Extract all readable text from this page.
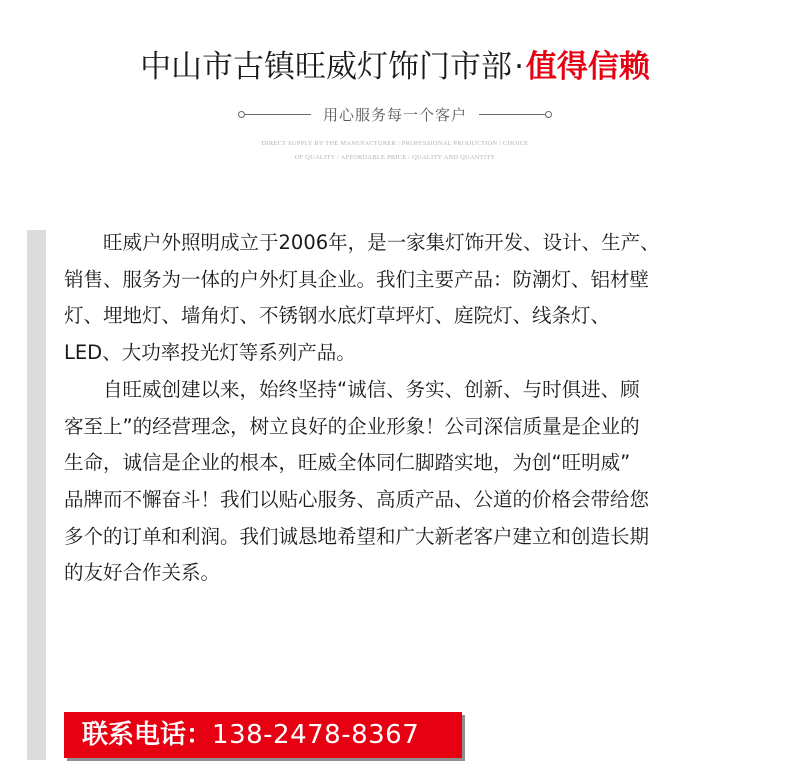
中山市古镇旺威灯饰门市部·值得信赖
用心服务每一个客户
DIRECT SUPPLY BY THE MANUFACTURER / PROFESSIONAL PRODUCTION / CHOICE
OF QUALITY / AFFORDABLE PRICE / QUALITY AND QUANTITY

　　旺威户外照明成立于2006年，是一家集灯饰开发、设计、生产、

销售、服务为一体的户外灯具企业。我们主要产品：防潮灯、铝材壁

灯、埋地灯、墙角灯、不锈钢水底灯草坪灯、庭院灯、线条灯、

LED、大功率投光灯等系列产品。

　　自旺威创建以来，始终坚持“诚信、务实、创新、与时俱进、顾

客至上”的经营理念，树立良好的企业形象！公司深信质量是企业的

生命，诚信是企业的根本，旺威全体同仁脚踏实地，为创“旺明威”

品牌而不懈奋斗！我们以贴心服务、高质产品、公道的价格会带给您

多个的订单和利润。我们诚恳地希望和广大新老客户建立和创造长期

的友好合作关系。

联系电话：138-2478-8367
